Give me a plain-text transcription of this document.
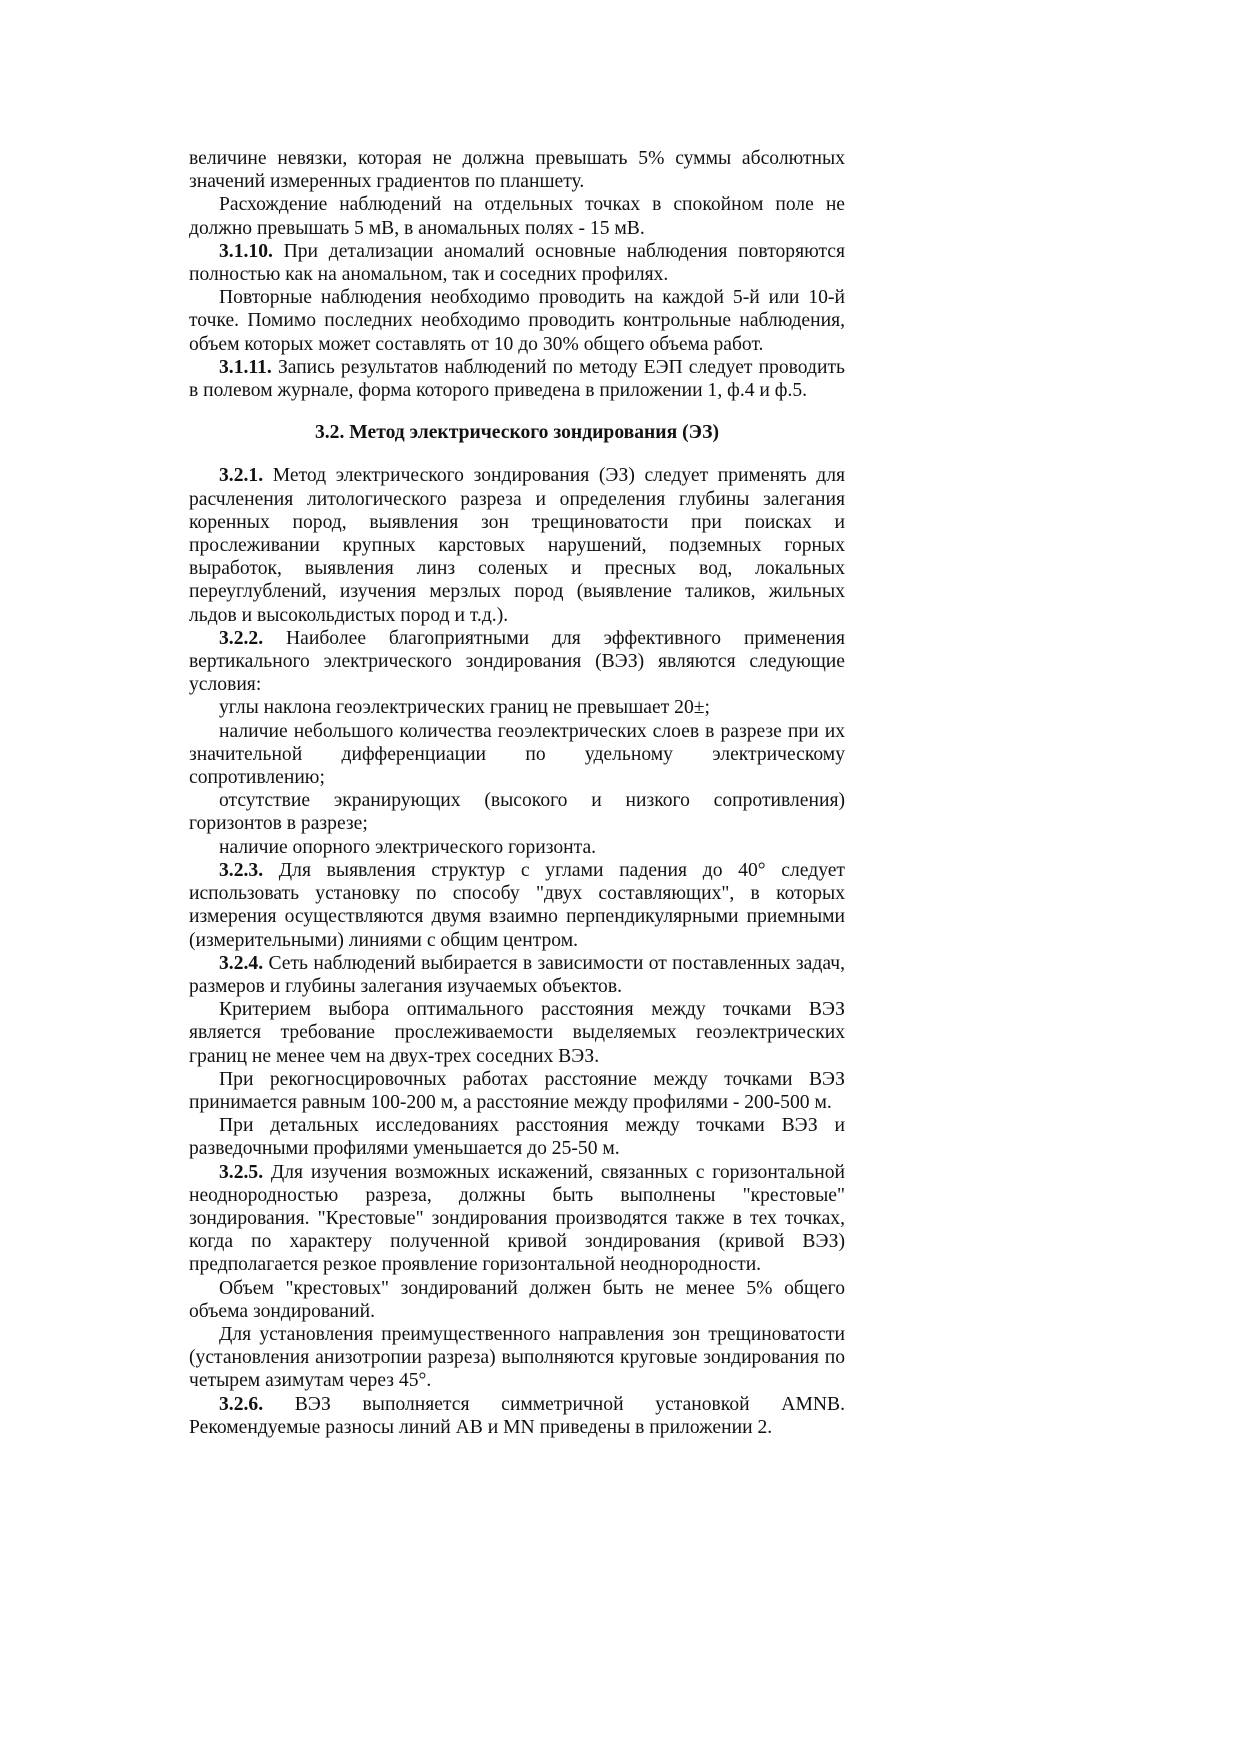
величине невязки, которая не должна превышать 5% суммы абсолютных значений измеренных градиентов по планшету.

Расхождение наблюдений на отдельных точках в спокойном поле не должно превышать 5 мВ, в аномальных полях - 15 мВ.

3.1.10. При детализации аномалий основные наблюдения повторяются полностью как на аномальном, так и соседних профилях.

Повторные наблюдения необходимо проводить на каждой 5-й или 10-й точке. Помимо последних необходимо проводить контрольные наблюдения, объем которых может составлять от 10 до 30% общего объема работ.

3.1.11. Запись результатов наблюдений по методу ЕЭП следует проводить в полевом журнале, форма которого приведена в приложении 1, ф.4 и ф.5.

3.2. Метод электрического зондирования (ЭЗ)

3.2.1. Метод электрического зондирования (ЭЗ) следует применять для расчленения литологического разреза и определения глубины залегания коренных пород, выявления зон трещиноватости при поисках и прослеживании крупных карстовых нарушений, подземных горных выработок, выявления линз соленых и пресных вод, локальных переуглублений, изучения мерзлых пород (выявление таликов, жильных льдов и высокольдистых пород и т.д.).

3.2.2. Наиболее благоприятными для эффективного применения вертикального электрического зондирования (ВЭЗ) являются следующие условия:

углы наклона геоэлектрических границ не превышает 20±;

наличие небольшого количества геоэлектрических слоев в разрезе при их значительной дифференциации по удельному электрическому сопротивлению;

отсутствие экранирующих (высокого и низкого сопротивления) горизонтов в разрезе;

наличие опорного электрического горизонта.

3.2.3. Для выявления структур с углами падения до 40° следует использовать установку по способу "двух составляющих", в которых измерения осуществляются двумя взаимно перпендикулярными приемными (измерительными) линиями с общим центром.

3.2.4. Сеть наблюдений выбирается в зависимости от поставленных задач, размеров и глубины залегания изучаемых объектов.

Критерием выбора оптимального расстояния между точками ВЭЗ является требование прослеживаемости выделяемых геоэлектрических границ не менее чем на двух-трех соседних ВЭЗ.

При рекогносцировочных работах расстояние между точками ВЭЗ принимается равным 100-200 м, а расстояние между профилями - 200-500 м.

При детальных исследованиях расстояния между точками ВЭЗ и разведочными профилями уменьшается до 25-50 м.

3.2.5. Для изучения возможных искажений, связанных с горизонтальной неоднородностью разреза, должны быть выполнены "крестовые" зондирования. "Крестовые" зондирования производятся также в тех точках, когда по характеру полученной кривой зондирования (кривой ВЭЗ) предполагается резкое проявление горизонтальной неоднородности.

Объем "крестовых" зондирований должен быть не менее 5% общего объема зондирований.

Для установления преимущественного направления зон трещиноватости (установления анизотропии разреза) выполняются круговые зондирования по четырем азимутам через 45°.

3.2.6. ВЭЗ выполняется симметричной установкой AMNB. Рекомендуемые разносы линий АВ и MN приведены в приложении 2.
